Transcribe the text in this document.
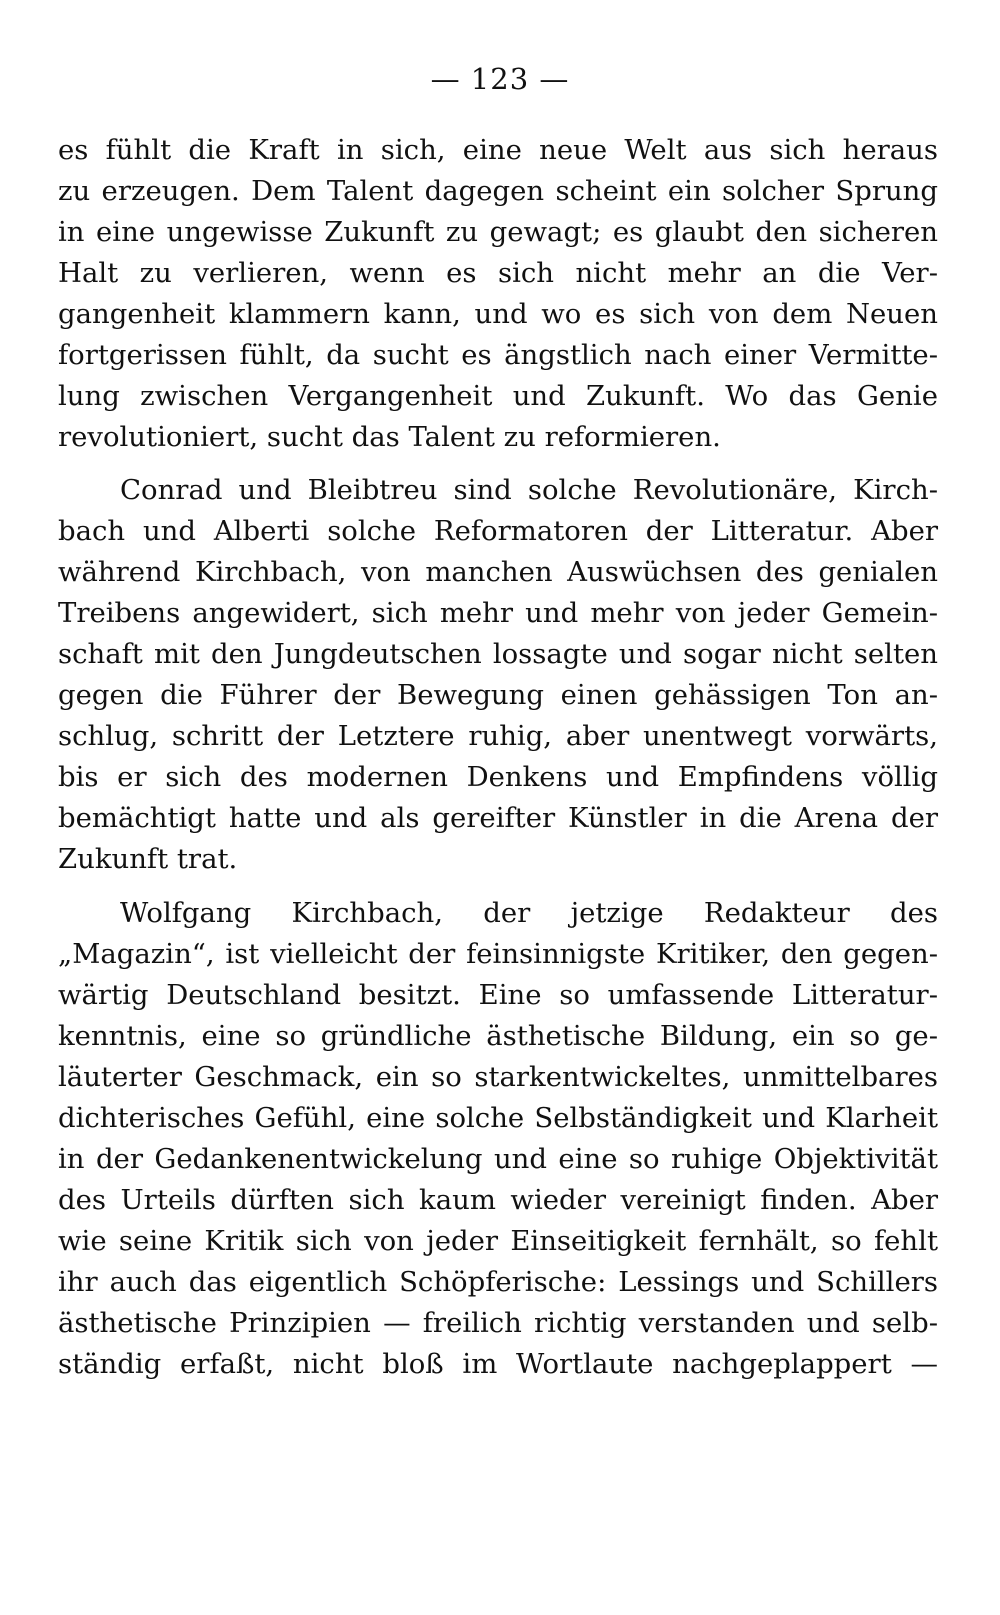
— 123 —
es fühlt die Kraft in sich, eine neue Welt aus sich heraus
zu erzeugen. Dem Talent dagegen scheint ein solcher Sprung
in eine ungewisse Zukunft zu gewagt; es glaubt den sicheren
Halt zu verlieren, wenn es sich nicht mehr an die Ver-
gangenheit klammern kann, und wo es sich von dem Neuen
fortgerissen fühlt, da sucht es ängstlich nach einer Vermitte-
lung zwischen Vergangenheit und Zukunft. Wo das Genie
revolutioniert, sucht das Talent zu reformieren.
Conrad und Bleibtreu sind solche Revolutionäre, Kirch-
bach und Alberti solche Reformatoren der Litteratur. Aber
während Kirchbach, von manchen Auswüchsen des genialen
Treibens angewidert, sich mehr und mehr von jeder Gemein-
schaft mit den Jungdeutschen lossagte und sogar nicht selten
gegen die Führer der Bewegung einen gehässigen Ton an-
schlug, schritt der Letztere ruhig, aber unentwegt vorwärts,
bis er sich des modernen Denkens und Empfindens völlig
bemächtigt hatte und als gereifter Künstler in die Arena der
Zukunft trat.
Wolfgang Kirchbach, der jetzige Redakteur des
„Magazin“, ist vielleicht der feinsinnigste Kritiker, den gegen-
wärtig Deutschland besitzt. Eine so umfassende Litteratur-
kenntnis, eine so gründliche ästhetische Bildung, ein so ge-
läuterter Geschmack, ein so starkentwickeltes, unmittelbares
dichterisches Gefühl, eine solche Selbständigkeit und Klarheit
in der Gedankenentwickelung und eine so ruhige Objektivität
des Urteils dürften sich kaum wieder vereinigt finden. Aber
wie seine Kritik sich von jeder Einseitigkeit fernhält, so fehlt
ihr auch das eigentlich Schöpferische: Lessings und Schillers
ästhetische Prinzipien — freilich richtig verstanden und selb-
ständig erfaßt, nicht bloß im Wortlaute nachgeplappert —
